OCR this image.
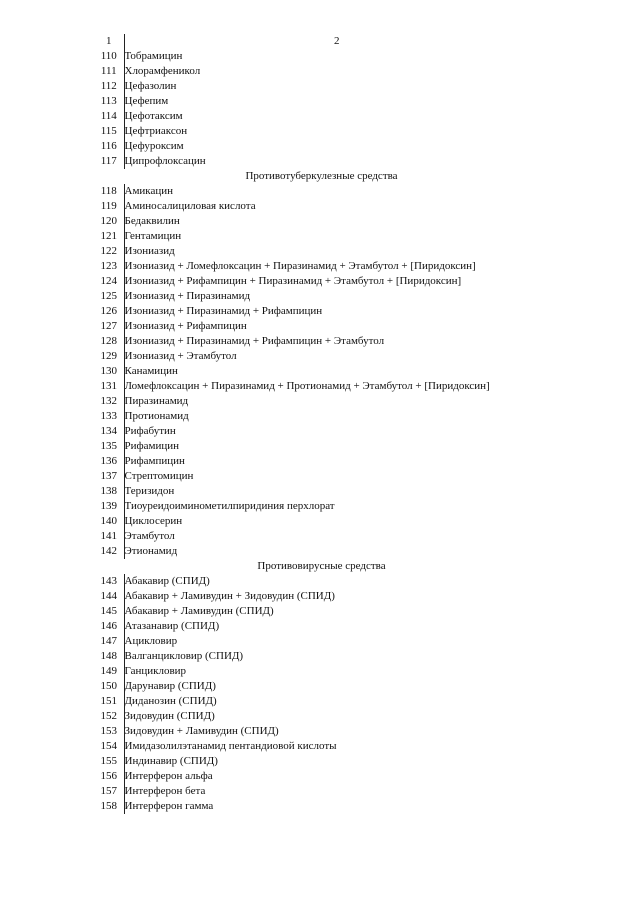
1	2
110	Тобрамицин
111	Хлорамфеникол
112	Цефазолин
113	Цефепим
114	Цефотаксим
115	Цефтриаксон
116	Цефуроксим
117	Ципрофлоксацин
Противотуберкулезные средства	
118	Амикацин
119	Аминосалициловая кислота
120	Бедаквилин
121	Гентамицин
122	Изониазид
123	Изониазид + Ломефлоксацин + Пиразинамид + Этамбутол + [Пиридоксин]
124	Изониазид + Рифампицин + Пиразинамид + Этамбутол + [Пиридоксин]
125	Изониазид + Пиразинамид
126	Изониазид + Пиразинамид + Рифампицин
127	Изониазид + Рифампицин
128	Изониазид + Пиразинамид + Рифампицин + Этамбутол
129	Изониазид + Этамбутол
130	Канамицин
131	Ломефлоксацин + Пиразинамид + Протионамид + Этамбутол + [Пиридоксин]
132	Пиразинамид
133	Протионамид
134	Рифабутин
135	Рифамицин
136	Рифампицин
137	Стрептомицин
138	Теризидон
139	Тиоуреидоиминометилпиридиния перхлорат
140	Циклосерин
141	Этамбутол
142	Этионамид
Противовирусные средства	
143	Абакавир (СПИД)
144	Абакавир + Ламивудин + Зидовудин (СПИД)
145	Абакавир + Ламивудин (СПИД)
146	Атазанавир (СПИД)
147	Ацикловир
148	Валганцикловир (СПИД)
149	Ганцикловир
150	Дарунавир (СПИД)
151	Диданозин (СПИД)
152	Зидовудин (СПИД)
153	Зидовудин + Ламивудин (СПИД)
154	Имидазолилэтанамид пентандиовой кислоты
155	Индинавир (СПИД)
156	Интерферон альфа
157	Интерферон бета
158	Интерферон гамма
